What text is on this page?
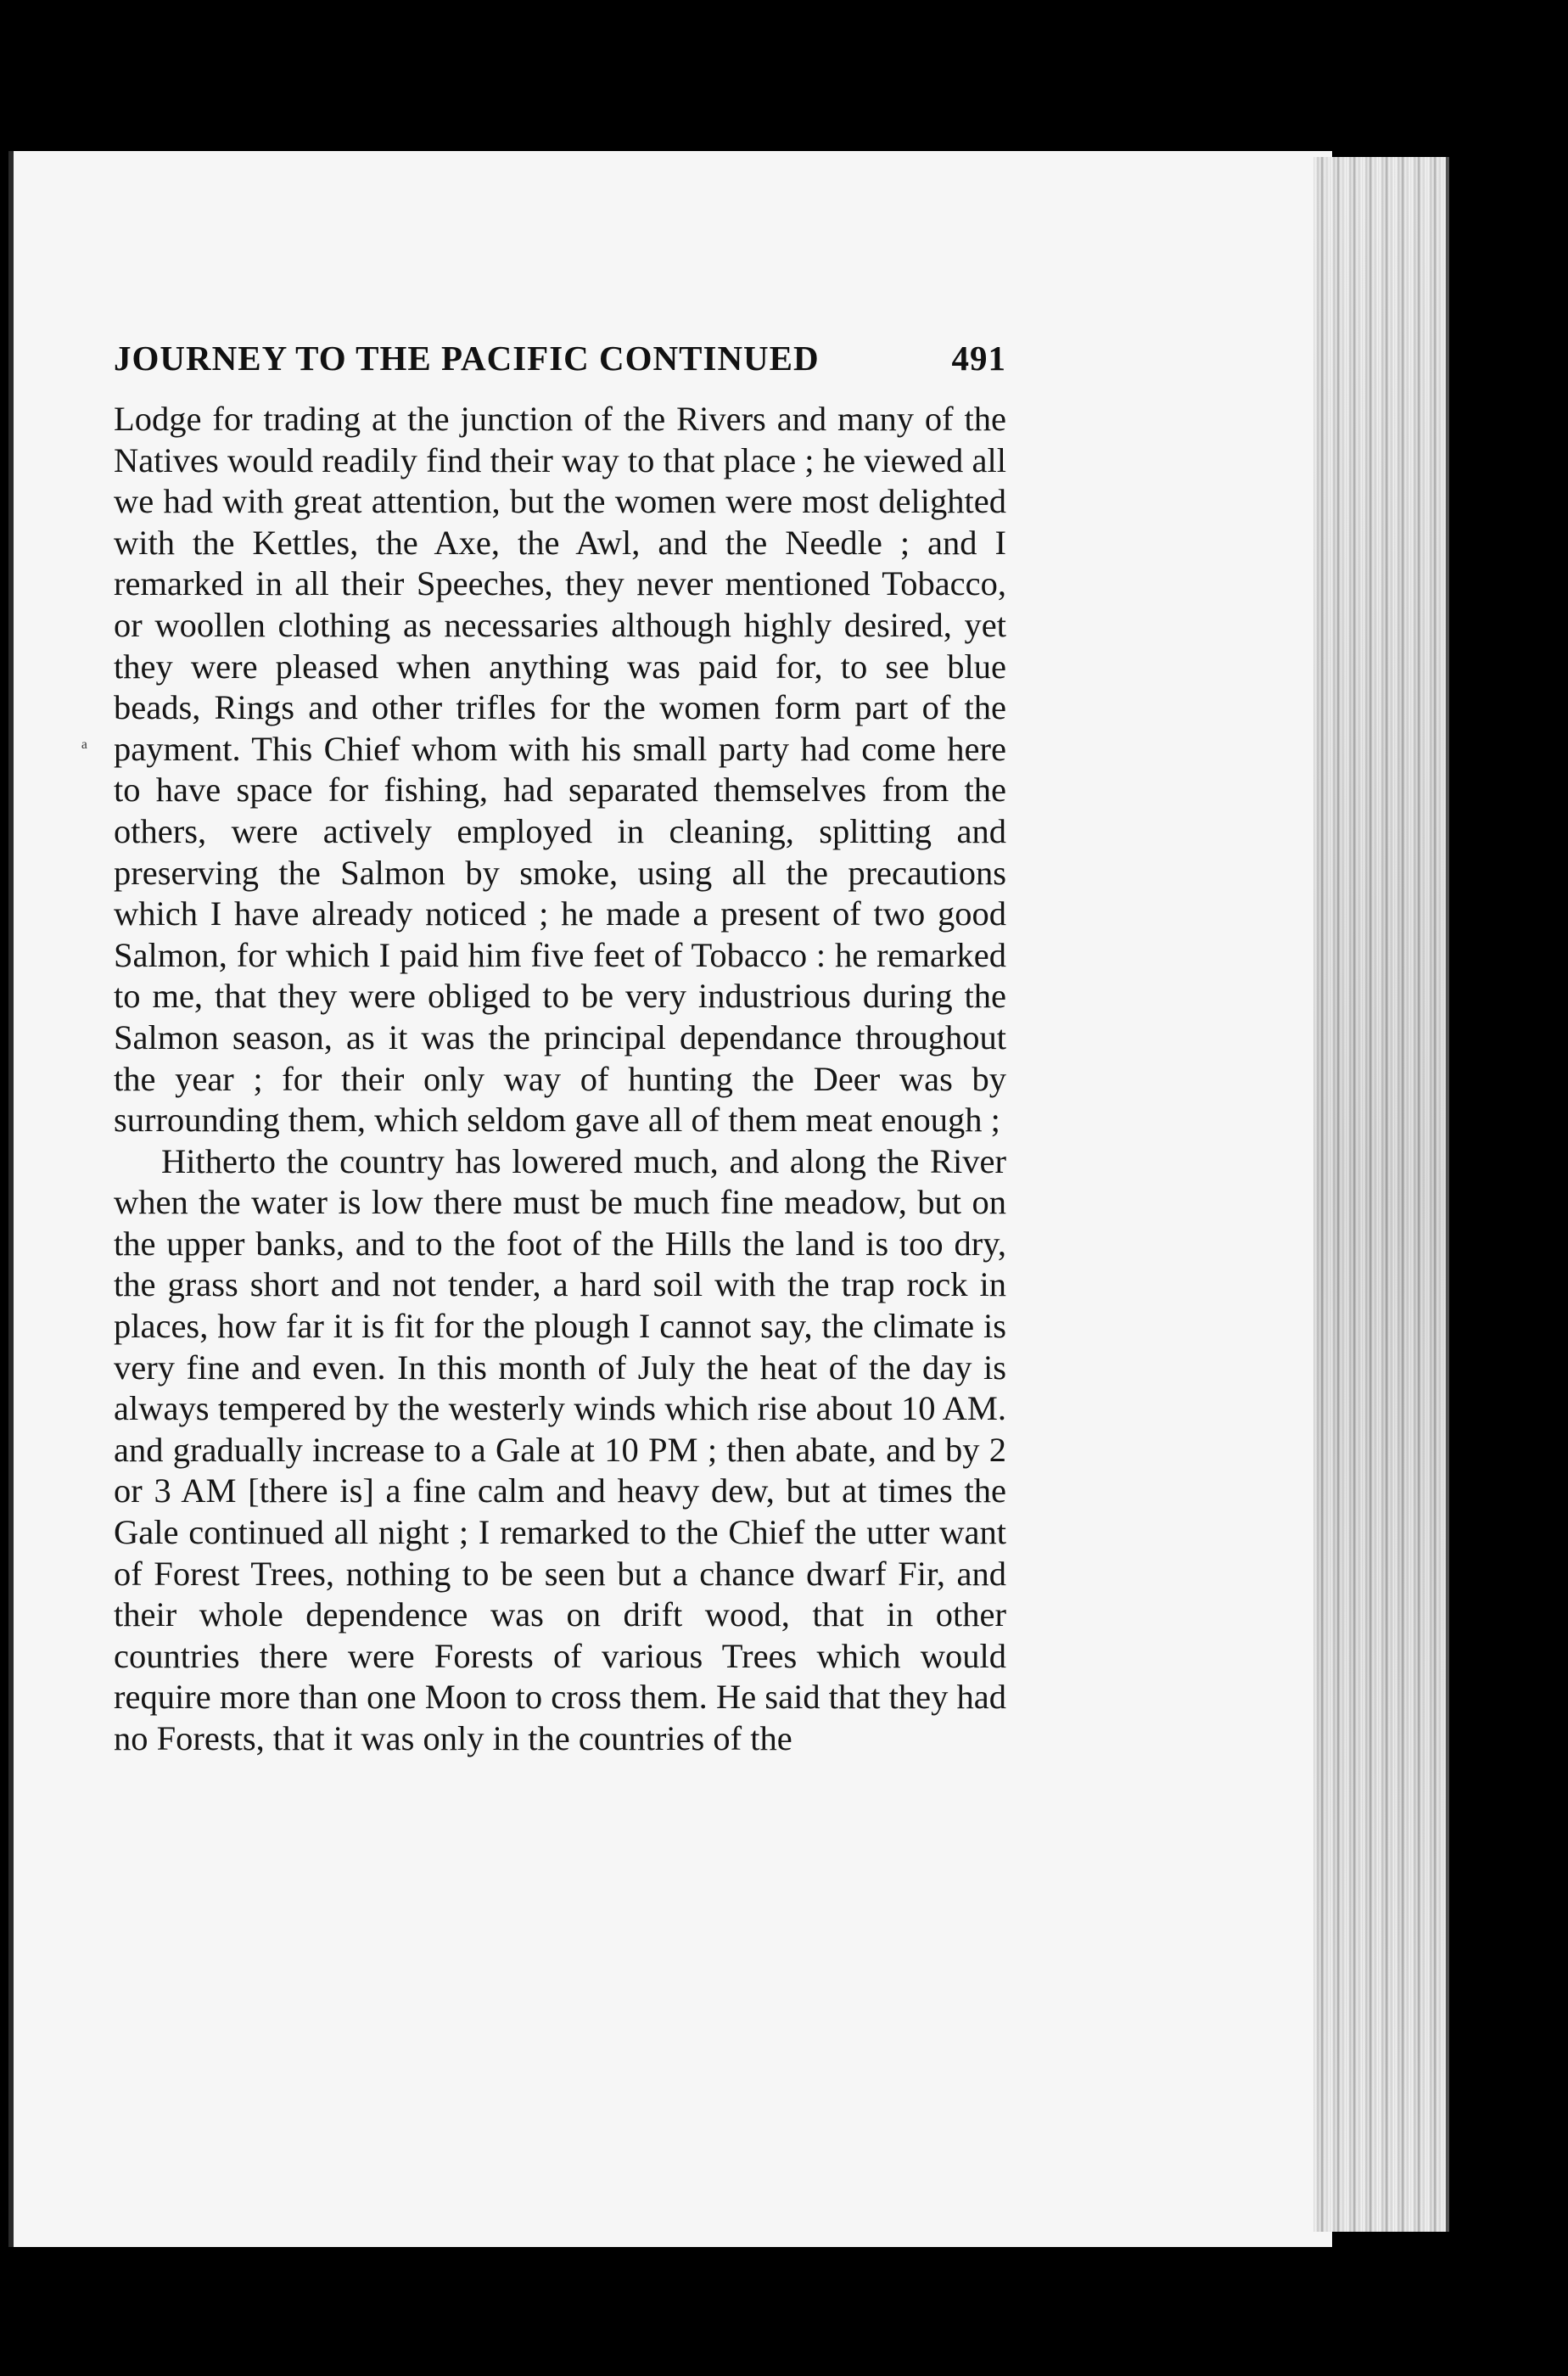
JOURNEY TO THE PACIFIC CONTINUED	491
ᵃ

Lodge for trading at the junction of the Rivers and many of the Natives would readily find their way to that place ; he viewed all we had with great attention, but the women were most delighted with the Kettles, the Axe, the Awl, and the Needle ; and I remarked in all their Speeches, they never mentioned Tobacco, or woollen clothing as necessaries although highly desired, yet they were pleased when anything was paid for, to see blue beads, Rings and other trifles for the women form part of the payment. This Chief whom with his small party had come here to have space for fishing, had separated themselves from the others, were actively employed in cleaning, splitting and preserving the Salmon by smoke, using all the precautions which I have already noticed ; he made a present of two good Salmon, for which I paid him five feet of Tobacco : he remarked to me, that they were obliged to be very industrious during the Salmon season, as it was the principal dependance throughout the year ; for their only way of hunting the Deer was by surrounding them, which seldom gave all of them meat enough ;

Hitherto the country has lowered much, and along the River when the water is low there must be much fine meadow, but on the upper banks, and to the foot of the Hills the land is too dry, the grass short and not tender, a hard soil with the trap rock in places, how far it is fit for the plough I cannot say, the climate is very fine and even. In this month of July the heat of the day is always tempered by the westerly winds which rise about 10 AM. and gradually increase to a Gale at 10 PM ; then abate, and by 2 or 3 AM [there is] a fine calm and heavy dew, but at times the Gale continued all night ; I remarked to the Chief the utter want of Forest Trees, nothing to be seen but a chance dwarf Fir, and their whole dependence was on drift wood, that in other countries there were Forests of various Trees which would require more than one Moon to cross them. He said that they had no Forests, that it was only in the countries of the
